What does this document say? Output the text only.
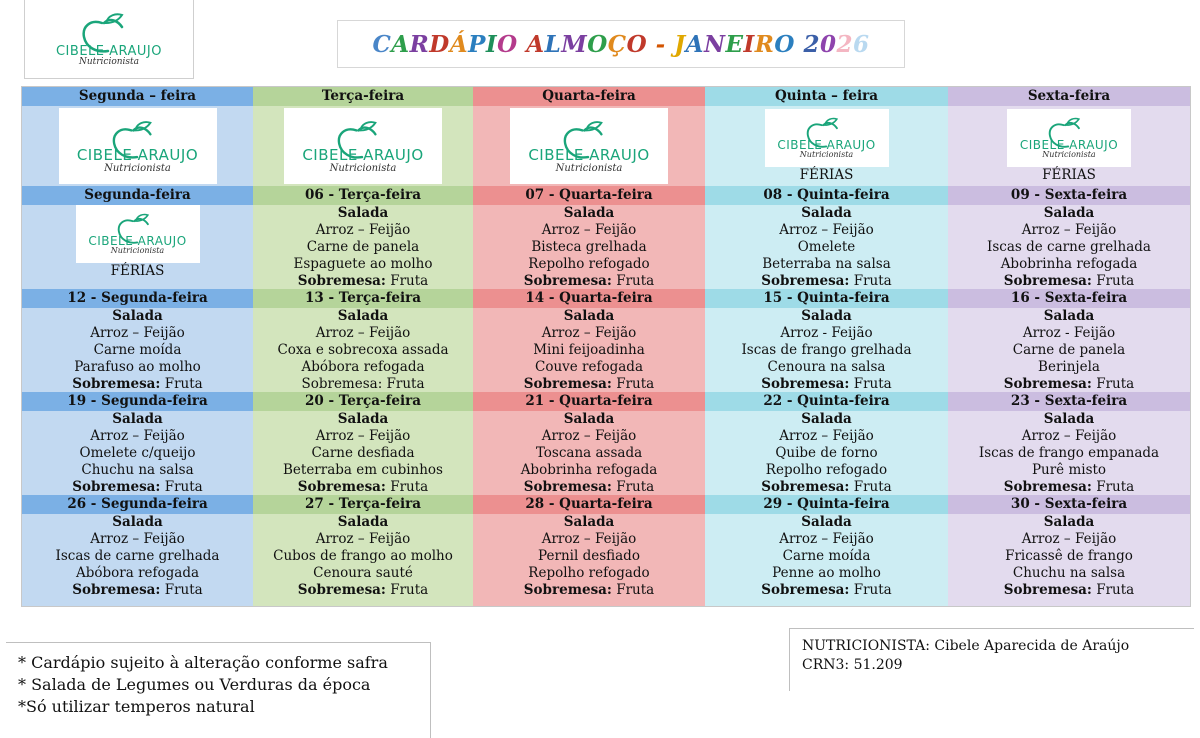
CIBELE ARAUJO
Nutricionista
CARDÁPIO ALMOÇO - JANEIRO 2026
Segunda – feira
CIBELE ARAUJO
Nutricionista
Segunda-feira
CIBELE ARAUJO
Nutricionista
FÉRIAS
12 - Segunda-feira
Salada
Arroz – Feijão
Carne moída
Parafuso ao molho
Sobremesa: Fruta
19 - Segunda-feira
Salada
Arroz – Feijão
Omelete c/queijo
Chuchu na salsa
Sobremesa: Fruta
26 - Segunda-feira
Salada
Arroz – Feijão
Iscas de carne grelhada
Abóbora refogada
Sobremesa: Fruta
Terça-feira
CIBELE ARAUJO
Nutricionista
06 - Terça-feira
Salada
Arroz – Feijão
Carne de panela
Espaguete ao molho
Sobremesa: Fruta
13 - Terça-feira
Salada
Arroz – Feijão
Coxa e sobrecoxa assada
Abóbora refogada
Sobremesa: Fruta
20 - Terça-feira
Salada
Arroz – Feijão
Carne desfiada
Beterraba em cubinhos
Sobremesa: Fruta
27 - Terça-feira
Salada
Arroz – Feijão
Cubos de frango ao molho
Cenoura sauté
Sobremesa: Fruta
Quarta-feira
CIBELE ARAUJO
Nutricionista
07 - Quarta-feira
Salada
Arroz – Feijão
Bisteca grelhada
Repolho refogado
Sobremesa: Fruta
14 - Quarta-feira
Salada
Arroz – Feijão
Mini feijoadinha
Couve refogada
Sobremesa: Fruta
21 - Quarta-feira
Salada
Arroz – Feijão
Toscana assada
Abobrinha refogada
Sobremesa: Fruta
28 - Quarta-feira
Salada
Arroz – Feijão
Pernil desfiado
Repolho refogado
Sobremesa: Fruta
Quinta – feira
CIBELE ARAUJO
Nutricionista
FÉRIAS
08 - Quinta-feira
Salada
Arroz – Feijão
Omelete
Beterraba na salsa
Sobremesa: Fruta
15 - Quinta-feira
Salada
Arroz - Feijão
Iscas de frango grelhada
Cenoura na salsa
Sobremesa: Fruta
22 - Quinta-feira
Salada
Arroz – Feijão
Quibe de forno
Repolho refogado
Sobremesa: Fruta
29 - Quinta-feira
Salada
Arroz – Feijão
Carne moída
Penne ao molho
Sobremesa: Fruta
Sexta-feira
CIBELE ARAUJO
Nutricionista
FÉRIAS
09 - Sexta-feira
Salada
Arroz – Feijão
Iscas de carne grelhada
Abobrinha refogada
Sobremesa: Fruta
16 - Sexta-feira
Salada
Arroz - Feijão
Carne de panela
Berinjela
Sobremesa: Fruta
23 - Sexta-feira
Salada
Arroz – Feijão
Iscas de frango empanada
Purê misto
Sobremesa: Fruta
30 - Sexta-feira
Salada
Arroz – Feijão
Fricassê de frango
Chuchu na salsa
Sobremesa: Fruta
* Cardápio sujeito à alteração conforme safra
* Salada de Legumes ou Verduras da época
*Só utilizar temperos natural
NUTRICIONISTA: Cibele Aparecida de Araújo
CRN3: 51.209
